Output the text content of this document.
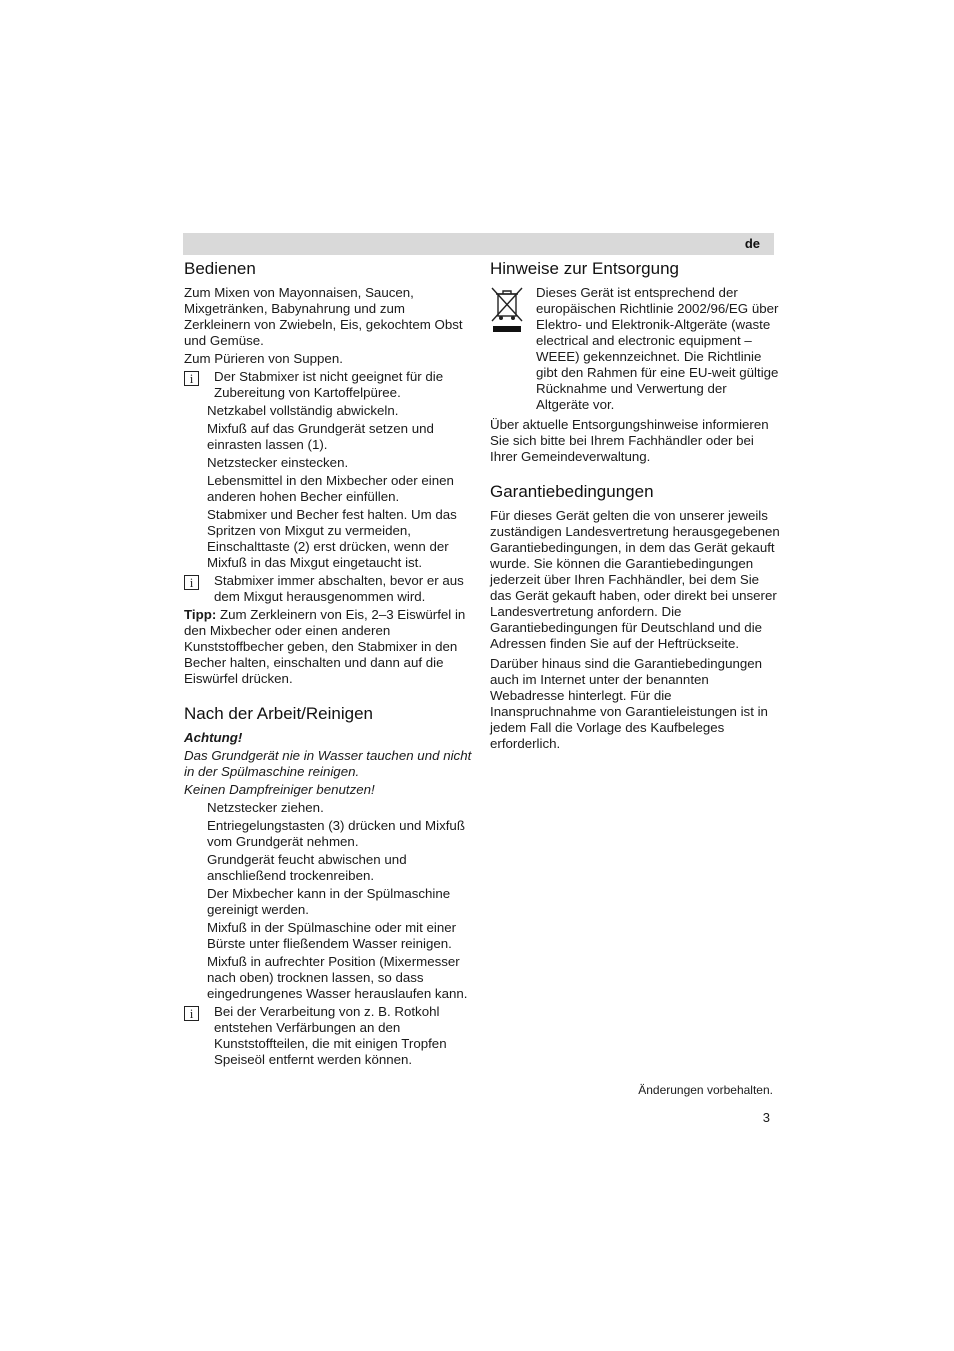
de
Bedienen

Zum Mixen von Mayonnaisen, Saucen, Mixgetränken, Babynahrung und zum Zerkleinern von Zwiebeln, Eis, gekochtem Obst und Gemüse.

Zum Pürieren von Suppen.

i	Der Stabmixer ist nicht geeignet für die Zubereitung von Kartoffelpüree.

Netzkabel vollständig abwickeln.

Mixfuß auf das Grundgerät setzen und einrasten lassen (1).

Netzstecker einstecken.

Lebensmittel in den Mixbecher oder einen anderen hohen Becher einfüllen.

Stabmixer und Becher fest halten. Um das Spritzen von Mixgut zu vermeiden, Einschalttaste (2) erst drücken, wenn der Mixfuß in das Mixgut eingetaucht ist.

i	Stabmixer immer abschalten, bevor er aus dem Mixgut herausgenommen wird.

Tipp: Zum Zerkleinern von Eis, 2–3 Eiswürfel in den Mixbecher oder einen anderen Kunststoffbecher geben, den Stabmixer in den Becher halten, einschalten und dann auf die Eiswürfel drücken.

Nach der Arbeit/Reinigen

Achtung!

Das Grundgerät nie in Wasser tauchen und nicht in der Spülmaschine reinigen.

Keinen Dampfreiniger benutzen!

Netzstecker ziehen.

Entriegelungstasten (3) drücken und Mixfuß vom Grundgerät nehmen.

Grundgerät feucht abwischen und anschließend trockenreiben.

Der Mixbecher kann in der Spülmaschine gereinigt werden.

Mixfuß in der Spülmaschine oder mit einer Bürste unter fließendem Wasser reinigen.

Mixfuß in aufrechter Position (Mixermesser nach oben) trocknen lassen, so dass eingedrungenes Wasser herauslaufen kann.

i	Bei der Verarbeitung von z. B. Rotkohl entstehen Verfärbungen an den Kunststoffteilen, die mit einigen Tropfen Speiseöl entfernt werden können.

Hinweise zur Entsorgung

Dieses Gerät ist entsprechend der europäischen Richtlinie 2002/96/EG über Elektro- und Elektronik-Altgeräte (waste electrical and electronic equipment – WEEE) gekennzeichnet. Die Richtlinie gibt den Rahmen für eine EU-weit gültige Rücknahme und Verwertung der Altgeräte vor.

Über aktuelle Entsorgungshinweise informieren Sie sich bitte bei Ihrem Fachhändler oder bei Ihrer Gemeindeverwaltung.

Garantiebedingungen

Für dieses Gerät gelten die von unserer jeweils zuständigen Landesvertretung herausgegebenen Garantiebedingungen, in dem das Gerät gekauft wurde. Sie können die Garantiebedingungen jederzeit über Ihren Fachhändler, bei dem Sie das Gerät gekauft haben, oder direkt bei unserer Landesvertretung anfordern. Die Garantiebedingungen für Deutschland und die Adressen finden Sie auf der Heftrückseite.

Darüber hinaus sind die Garantiebedingungen auch im Internet unter der benannten Webadresse hinterlegt. Für die Inanspruchnahme von Garantieleistungen ist in jedem Fall die Vorlage des Kaufbeleges erforderlich.

Änderungen vorbehalten.
3
